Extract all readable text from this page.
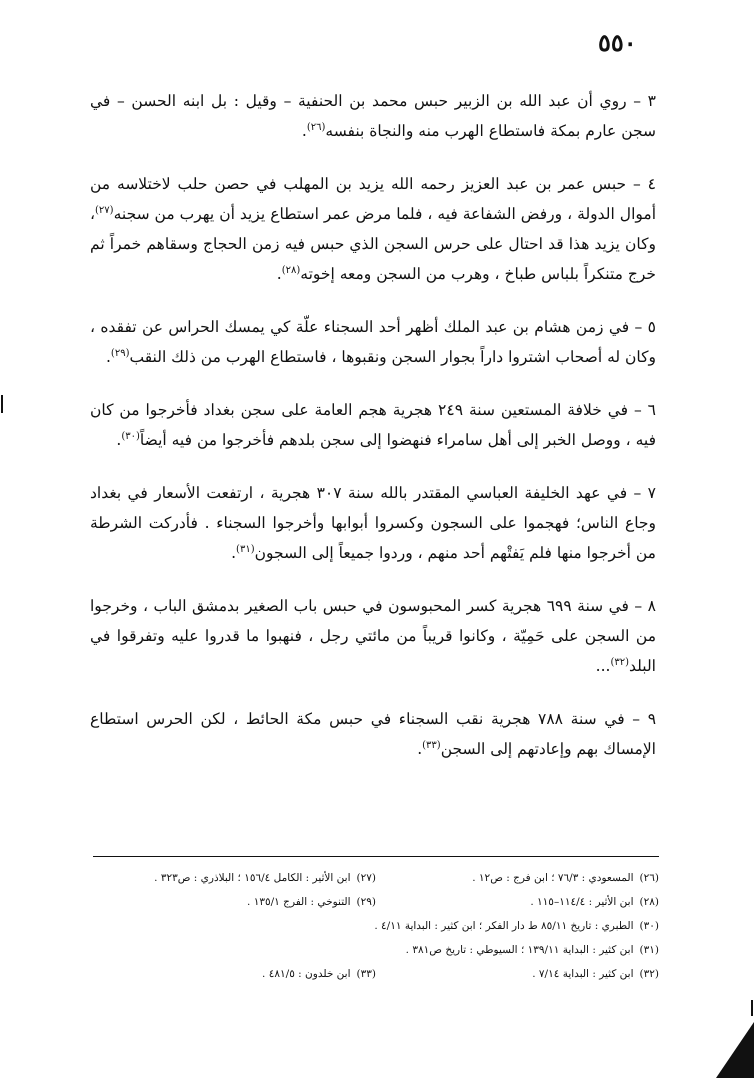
٥٥٠

٣ – روي أن عبد الله بن الزبير حبس محمد بن الحنفية – وقيل : بل ابنه الحسن – في سجن عارم بمكة فاستطاع الهرب منه والنجاة بنفسه$^{(٢٦)}$.

٤ – حبس عمر بن عبد العزيز رحمه الله يزيد بن المهلب في حصن حلب لاختلاسه من أموال الدولة ، ورفض الشفاعة فيه ، فلما مرض عمر استطاع يزيد أن يهرب من سجنه$^{(٢٧)}$، وكان يزيد هذا قد احتال على حرس السجن الذي حبس فيه زمن الحجاج وسقاهم خمراً ثم خرج متنكراً بلباس طباخ ، وهرب من السجن ومعه إخوته$^{(٢٨)}$.

٥ – في زمن هشام بن عبد الملك أظهر أحد السجناء علّة كي يمسك الحراس عن تفقده ، وكان له أصحاب اشتروا داراً بجوار السجن ونقبوها ، فاستطاع الهرب من ذلك النقب$^{(٢٩)}$.

٦ – في خلافة المستعين سنة ٢٤٩ هجرية هجم العامة على سجن بغداد فأخرجوا من كان فيه ، ووصل الخبر إلى أهل سامراء فنهضوا إلى سجن بلدهم فأخرجوا من فيه أيضاً$^{(٣٠)}$.

٧ – في عهد الخليفة العباسي المقتدر بالله سنة ٣٠٧ هجرية ، ارتفعت الأسعار في بغداد وجاع الناس؛ فهجموا على السجون وكسروا أبوابها وأخرجوا السجناء . فأدركت الشرطة من أخرجوا منها فلم يَفتْهم أحد منهم ، وردوا جميعاً إلى السجون$^{(٣١)}$.

٨ – في سنة ٦٩٩ هجرية كسر المحبوسون في حبس باب الصغير بدمشق الباب ، وخرجوا من السجن على حَمِيّة ، وكانوا قريباً من مائتي رجل ، فنهبوا ما قدروا عليه وتفرقوا في البلد$^{(٣٢)}$...

٩ – في سنة ٧٨٨ هجرية نقب السجناء في حبس مكة الحائط ، لكن الحرس استطاع الإمساك بهم وإعادتهم إلى السجن$^{(٣٣)}$.

(٢٦)
المسعودي : ٧٦/٣ ؛ ابن فرج : ص١٢ .
(٢٧)
ابن الأثير : الكامل ١٥٦/٤ ؛ البلاذري : ص٣٢٣ .
(٢٨)
ابن الأثير : ١١٤/٤–١١٥ .
(٢٩)
التنوخي : الفرج ١٣٥/١ .
(٣٠)
الطبري : تاريخ ٨٥/١١ ط دار الفكر ؛ ابن كثير : البداية ٤/١١ .
(٣١)
ابن كثير : البداية ١٣٩/١١ ؛ السيوطي : تاريخ ص٣٨١ .
(٣٢)
ابن كثير : البداية ٧/١٤ .
(٣٣)
ابن خلدون : ٤٨١/٥ .
